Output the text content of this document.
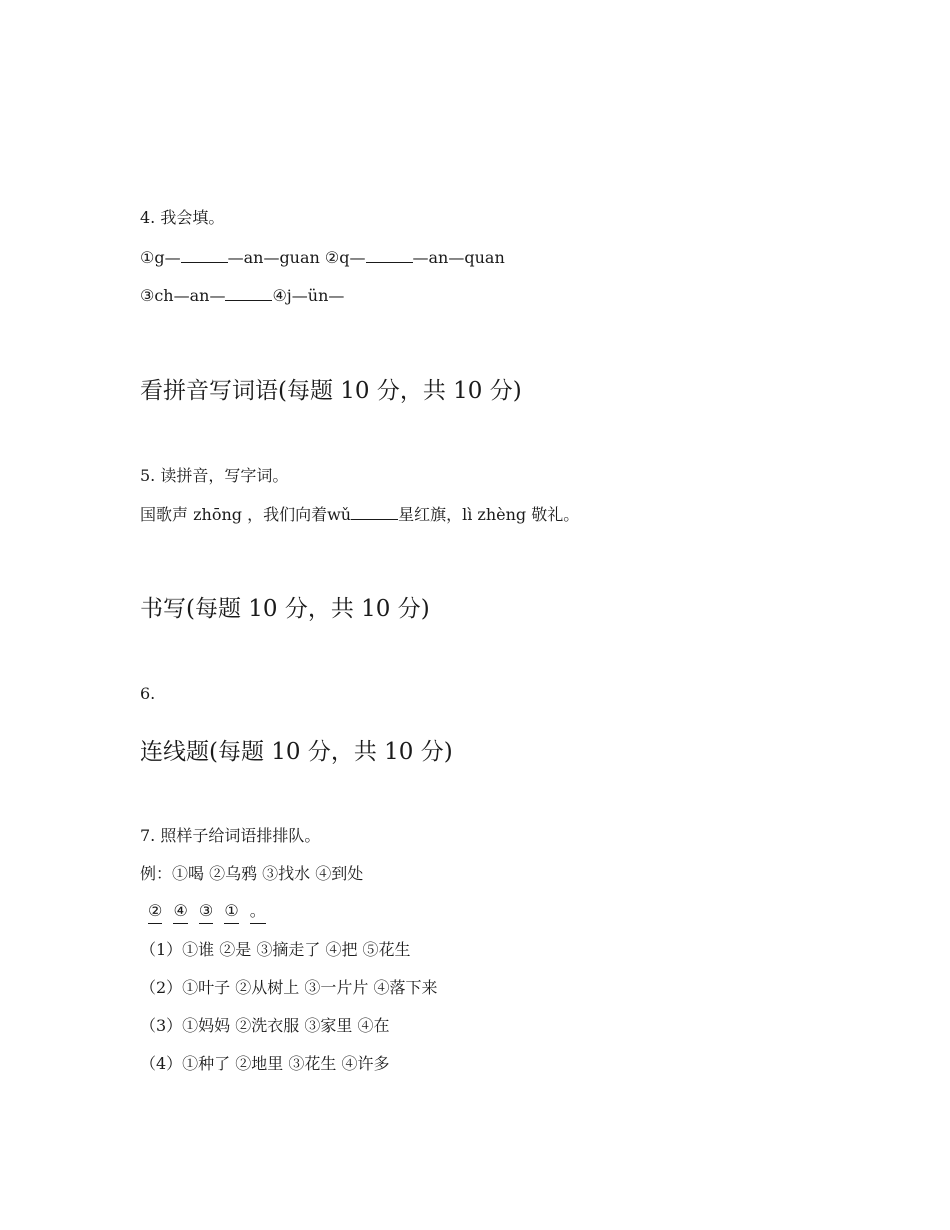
4. 我会填。
①g—	—an—guan ②q—	—an—quan
③ch—an—	④j—ün—
看拼音写词语(每题 10 分，共 10 分)
5. 读拼音，写字词。
国歌声 zhōng ，我们向着wǔ	星红旗，lì zhèng 敬礼。
书写(每题 10 分，共 10 分)
6.
连线题(每题 10 分，共 10 分)
7. 照样子给词语排排队。
例：①喝 ②乌鸦 ③找水 ④到处
② ④ ③ ① 。
（1）①谁 ②是 ③摘走了 ④把 ⑤花生
（2）①叶子 ②从树上 ③一片片 ④落下来
（3）①妈妈 ②洗衣服 ③家里 ④在
（4）①种了 ②地里 ③花生 ④许多
